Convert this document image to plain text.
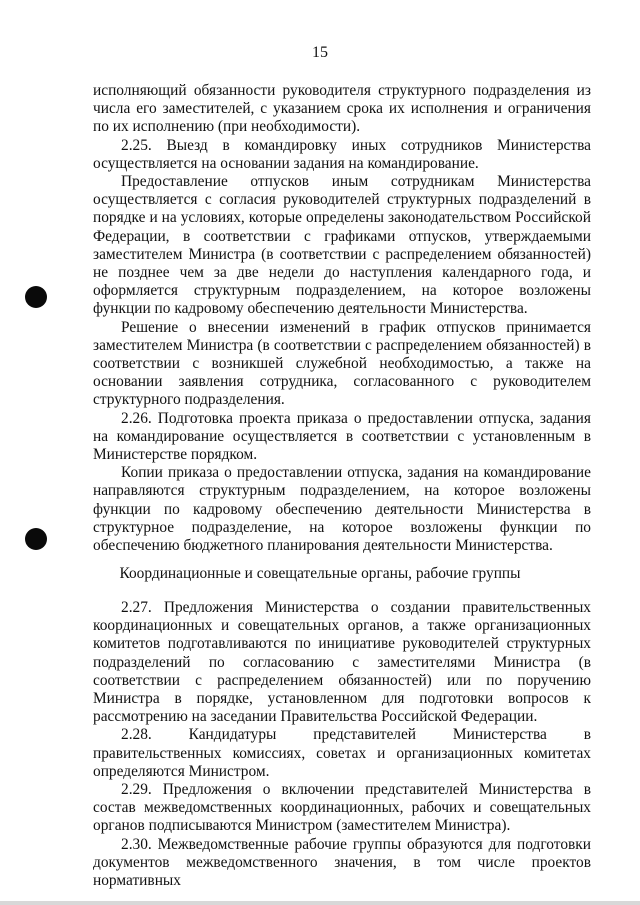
15

исполняющий обязанности руководителя структурного подразделения из числа его заместителей, с указанием срока их исполнения и ограничения по их исполнению (при необходимости).

2.25. Выезд в командировку иных сотрудников Министерства осуществляется на основании задания на командирование.

Предоставление отпусков иным сотрудникам Министерства осуществляется с согласия руководителей структурных подразделений в порядке и на условиях, которые определены законодательством Российской Федерации, в соответствии с графиками отпусков, утверждаемыми заместителем Министра (в соответствии с распределением обязанностей) не позднее чем за две недели до наступления календарного года, и оформляется структурным подразделением, на которое возложены функции по кадровому обеспечению деятельности Министерства.

Решение о внесении изменений в график отпусков принимается заместителем Министра (в соответствии с распределением обязанностей) в соответствии с возникшей служебной необходимостью, а также на основании заявления сотрудника, согласованного с руководителем структурного подразделения.

2.26. Подготовка проекта приказа о предоставлении отпуска, задания на командирование осуществляется в соответствии с установленным в Министерстве порядком.

Копии приказа о предоставлении отпуска, задания на командирование направляются структурным подразделением, на которое возложены функции по кадровому обеспечению деятельности Министерства в структурное подразделение, на которое возложены функции по обеспечению бюджетного планирования деятельности Министерства.

Координационные и совещательные органы, рабочие группы

2.27. Предложения Министерства о создании правительственных координационных и совещательных органов, а также организационных комитетов подготавливаются по инициативе руководителей структурных подразделений по согласованию с заместителями Министра (в соответствии с распределением обязанностей) или по поручению Министра в порядке, установленном для подготовки вопросов к рассмотрению на заседании Правительства Российской Федерации.

2.28. Кандидатуры представителей Министерства в правительственных комиссиях, советах и организационных комитетах определяются Министром.

2.29. Предложения о включении представителей Министерства в состав межведомственных координационных, рабочих и совещательных органов подписываются Министром (заместителем Министра).

2.30. Межведомственные рабочие группы образуются для подготовки документов межведомственного значения, в том числе проектов нормативных
